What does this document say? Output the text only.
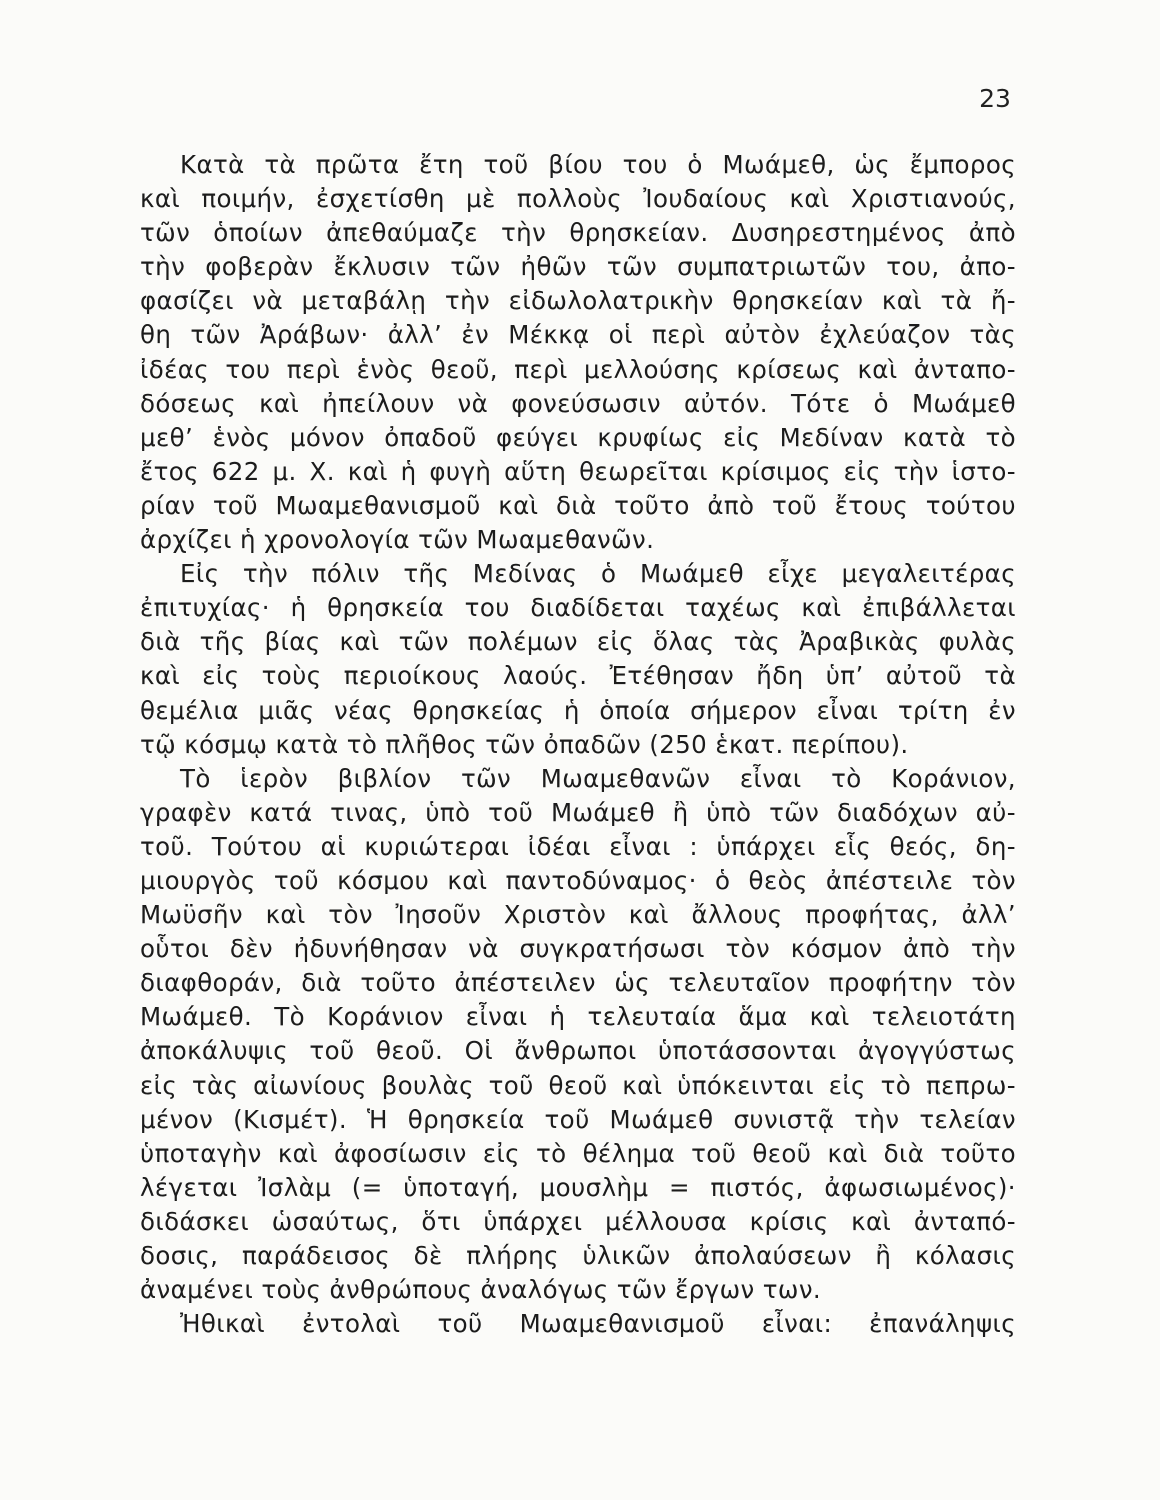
23
Κατὰ τὰ πρῶτα ἔτη τοῦ βίου του ὁ Μωάμεθ, ὡς ἔμπορος
καὶ ποιμήν, ἐσχετίσθη μὲ πολλοὺς Ἰουδαίους καὶ Χριστιανούς,
τῶν ὁποίων ἀπεθαύμαζε τὴν θρησκείαν. Δυσηρεστημένος ἀπὸ
τὴν φοβερὰν ἔκλυσιν τῶν ἠθῶν τῶν συμπατριωτῶν του, ἀπο-
φασίζει νὰ μεταβάλῃ τὴν εἰδωλολατρικὴν θρησκείαν καὶ τὰ ἤ-
θη τῶν Ἀράβων· ἀλλ’ ἐν Μέκκᾳ οἱ περὶ αὐτὸν ἐχλεύαζον τὰς
ἰδέας του περὶ ἑνὸς θεοῦ, περὶ μελλούσης κρίσεως καὶ ἀνταπο-
δόσεως καὶ ἠπείλουν νὰ φονεύσωσιν αὐτόν. Τότε ὁ Μωάμεθ
μεθ’ ἑνὸς μόνον ὀπαδοῦ φεύγει κρυφίως εἰς Μεδίναν κατὰ τὸ
ἔτος 622 μ. Χ. καὶ ἡ φυγὴ αὕτη θεωρεῖται κρίσιμος εἰς τὴν ἱστο-
ρίαν τοῦ Μωαμεθανισμοῦ καὶ διὰ τοῦτο ἀπὸ τοῦ ἔτους τούτου
ἀρχίζει ἡ χρονολογία τῶν Μωαμεθανῶν.
Εἰς τὴν πόλιν τῆς Μεδίνας ὁ Μωάμεθ εἶχε μεγαλειτέρας
ἐπιτυχίας· ἡ θρησκεία του διαδίδεται ταχέως καὶ ἐπιβάλλεται
διὰ τῆς βίας καὶ τῶν πολέμων εἰς ὅλας τὰς Ἀραβικὰς φυλὰς
καὶ εἰς τοὺς περιοίκους λαούς. Ἐτέθησαν ἤδη ὑπ’ αὐτοῦ τὰ
θεμέλια μιᾶς νέας θρησκείας ἡ ὁποία σήμερον εἶναι τρίτη ἐν
τῷ κόσμῳ κατὰ τὸ πλῆθος τῶν ὀπαδῶν (250 ἑκατ. περίπου).
Τὸ ἱερὸν βιβλίον τῶν Μωαμεθανῶν εἶναι τὸ Κοράνιον,
γραφὲν κατά τινας, ὑπὸ τοῦ Μωάμεθ ἢ ὑπὸ τῶν διαδόχων αὐ-
τοῦ. Τούτου αἱ κυριώτεραι ἰδέαι εἶναι : ὑπάρχει εἷς θεός, δη-
μιουργὸς τοῦ κόσμου καὶ παντοδύναμος· ὁ θεὸς ἀπέστειλε τὸν
Μωϋσῆν καὶ τὸν Ἰησοῦν Χριστὸν καὶ ἄλλους προφήτας, ἀλλ’
οὗτοι δὲν ἠδυνήθησαν νὰ συγκρατήσωσι τὸν κόσμον ἀπὸ τὴν
διαφθοράν, διὰ τοῦτο ἀπέστειλεν ὡς τελευταῖον προφήτην τὸν
Μωάμεθ. Τὸ Κοράνιον εἶναι ἡ τελευταία ἅμα καὶ τελειοτάτη
ἀποκάλυψις τοῦ θεοῦ. Οἱ ἄνθρωποι ὑποτάσσονται ἀγογγύστως
εἰς τὰς αἰωνίους βουλὰς τοῦ θεοῦ καὶ ὑπόκεινται εἰς τὸ πεπρω-
μένον (Κισμέτ). Ἡ θρησκεία τοῦ Μωάμεθ συνιστᾷ τὴν τελείαν
ὑποταγὴν καὶ ἀφοσίωσιν εἰς τὸ θέλημα τοῦ θεοῦ καὶ διὰ τοῦτο
λέγεται Ἰσλὰμ (= ὑποταγή, μουσλὴμ = πιστός, ἀφωσιωμένος)·
διδάσκει ὡσαύτως, ὅτι ὑπάρχει μέλλουσα κρίσις καὶ ἀνταπό-
δοσις, παράδεισος δὲ πλήρης ὑλικῶν ἀπολαύσεων ἢ κόλασις
ἀναμένει τοὺς ἀνθρώπους ἀναλόγως τῶν ἔργων των.
Ἠθικαὶ ἐντολαὶ τοῦ Μωαμεθανισμοῦ εἶναι: ἐπανάληψις
